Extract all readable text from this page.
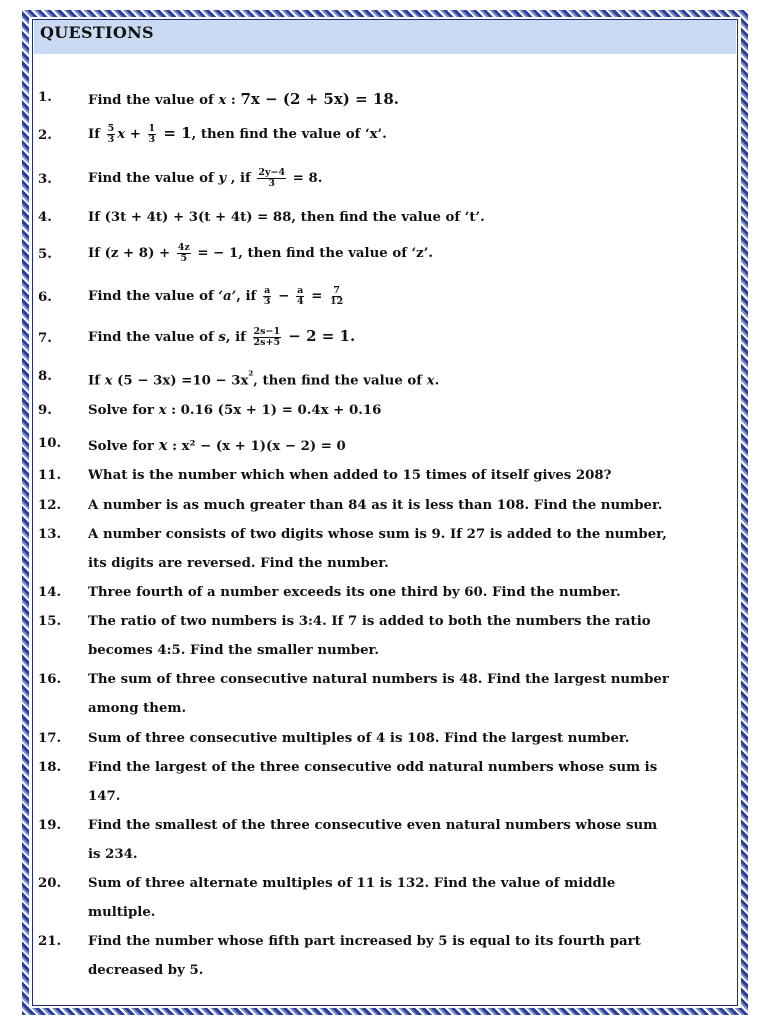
QUESTIONS
1.	Find the value of x : 7x − (2 + 5x) = 18.
2.	If $\frac{5}{3}$ $x + \frac{1}{3} = 1$, then find the value of ‘x’.
3.	Find the value of y , if $\frac{2y-4}{3} = 8$.
4.	If (3t + 4t) + 3(t + 4t) = 88, then find the value of ‘t’.
5.	If $(z + 8) + \frac{4z}{5}$ = − 1, then find the value of ‘z’.
6.	Find the value of ‘a’, if $\frac{a}{3} - \frac{a}{4} = \frac{7}{12}$
7.	Find the value of s, if $\frac{2s-1}{2s+5} - 2 = 1$.
8.	If x $(5 - 3x) =10 - 3x^{^2}$, then find the value of x.
9.	Solve for x : 0.16 (5x + 1) = 0.4x + 0.16
10. Solve for x : x² − (x + 1)(x − 2) = 0
11. What is the number which when added to 15 times of itself gives 208?
12. A number is as much greater than 84 as it is less than 108. Find the number.
13. A number consists of two digits whose sum is 9. If 27 is added to the number,
its digits are reversed. Find the number.
14. Three fourth of a number exceeds its one third by 60. Find the number.
15. The ratio of two numbers is 3:4. If 7 is added to both the numbers the ratio
becomes 4:5. Find the smaller number.
16. The sum of three consecutive natural numbers is 48. Find the largest number
among them.
17. Sum of three consecutive multiples of 4 is 108. Find the largest number.
18. Find the largest of the three consecutive odd natural numbers whose sum is
147.
19. Find the smallest of the three consecutive even natural numbers whose sum
is 234.
20. Sum of three alternate multiples of 11 is 132. Find the value of middle
multiple.
21. Find the number whose fifth part increased by 5 is equal to its fourth part
decreased by 5.
